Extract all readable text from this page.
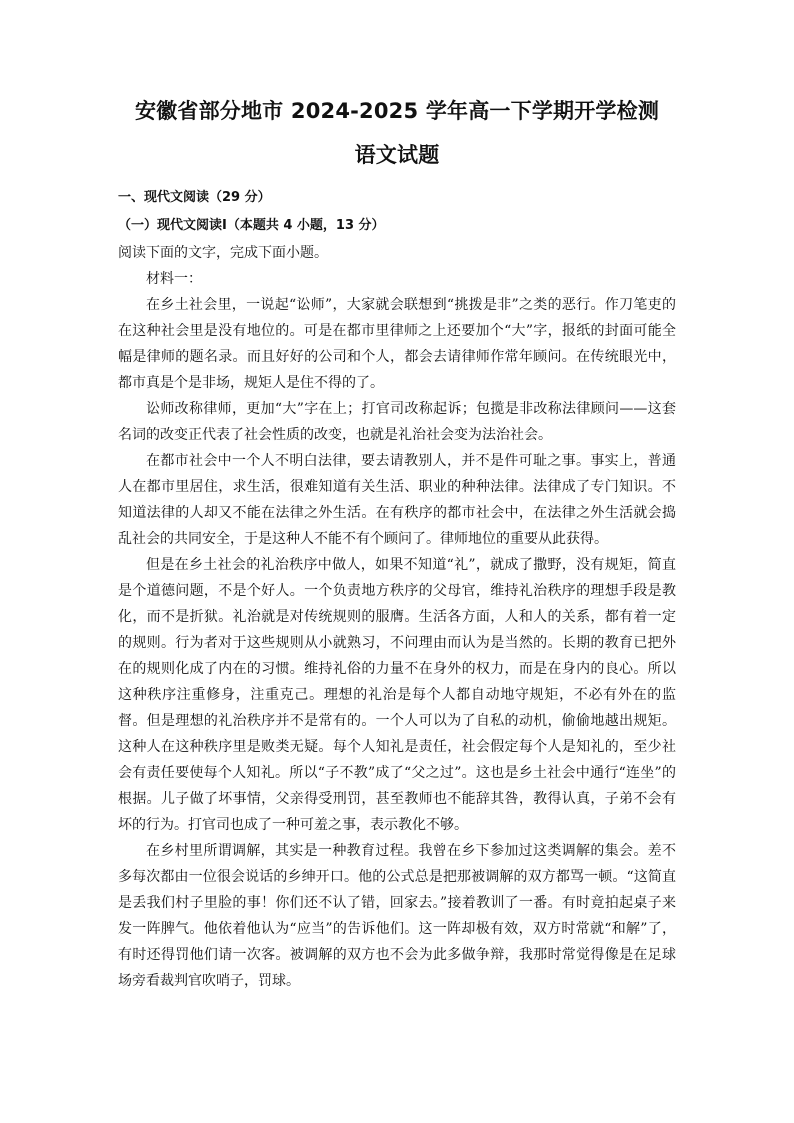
安徽省部分地市 2024-2025 学年高一下学期开学检测
语文试题

一、现代文阅读（29 分）

（一）现代文阅读Ⅰ（本题共 4 小题，13 分）

阅读下面的文字，完成下面小题。

材料一：

在乡土社会里，一说起“讼师”，大家就会联想到“挑拨是非”之类的恶行。作刀笔吏的在这种社会里是没有地位的。可是在都市里律师之上还要加个“大”字，报纸的封面可能全幅是律师的题名录。而且好好的公司和个人，都会去请律师作常年顾问。在传统眼光中，都市真是个是非场，规矩人是住不得的了。

讼师改称律师，更加“大”字在上；打官司改称起诉；包揽是非改称法律顾问——这套名词的改变正代表了社会性质的改变，也就是礼治社会变为法治社会。

在都市社会中一个人不明白法律，要去请教别人，并不是件可耻之事。事实上，普通人在都市里居住，求生活，很难知道有关生活、职业的种种法律。法律成了专门知识。不知道法律的人却又不能在法律之外生活。在有秩序的都市社会中，在法律之外生活就会捣乱社会的共同安全，于是这种人不能不有个顾问了。律师地位的重要从此获得。

但是在乡土社会的礼治秩序中做人，如果不知道“礼”，就成了撒野，没有规矩，简直是个道德问题，不是个好人。一个负责地方秩序的父母官，维持礼治秩序的理想手段是教化，而不是折狱。礼治就是对传统规则的服膺。生活各方面，人和人的关系，都有着一定的规则。行为者对于这些规则从小就熟习，不问理由而认为是当然的。长期的教育已把外在的规则化成了内在的习惯。维持礼俗的力量不在身外的权力，而是在身内的良心。所以这种秩序注重修身，注重克己。理想的礼治是每个人都自动地守规矩，不必有外在的监督。但是理想的礼治秩序并不是常有的。一个人可以为了自私的动机，偷偷地越出规矩。这种人在这种秩序里是败类无疑。每个人知礼是责任，社会假定每个人是知礼的，至少社会有责任要使每个人知礼。所以“子不教”成了“父之过”。这也是乡土社会中通行“连坐”的根据。儿子做了坏事情，父亲得受刑罚，甚至教师也不能辞其咎，教得认真，子弟不会有坏的行为。打官司也成了一种可羞之事，表示教化不够。

在乡村里所谓调解，其实是一种教育过程。我曾在乡下参加过这类调解的集会。差不多每次都由一位很会说话的乡绅开口。他的公式总是把那被调解的双方都骂一顿。“这简直是丢我们村子里脸的事！你们还不认了错，回家去。”接着教训了一番。有时竟拍起桌子来发一阵脾气。他依着他认为“应当”的告诉他们。这一阵却极有效，双方时常就“和解”了，有时还得罚他们请一次客。被调解的双方也不会为此多做争辩，我那时常觉得像是在足球场旁看裁判官吹哨子，罚球。
